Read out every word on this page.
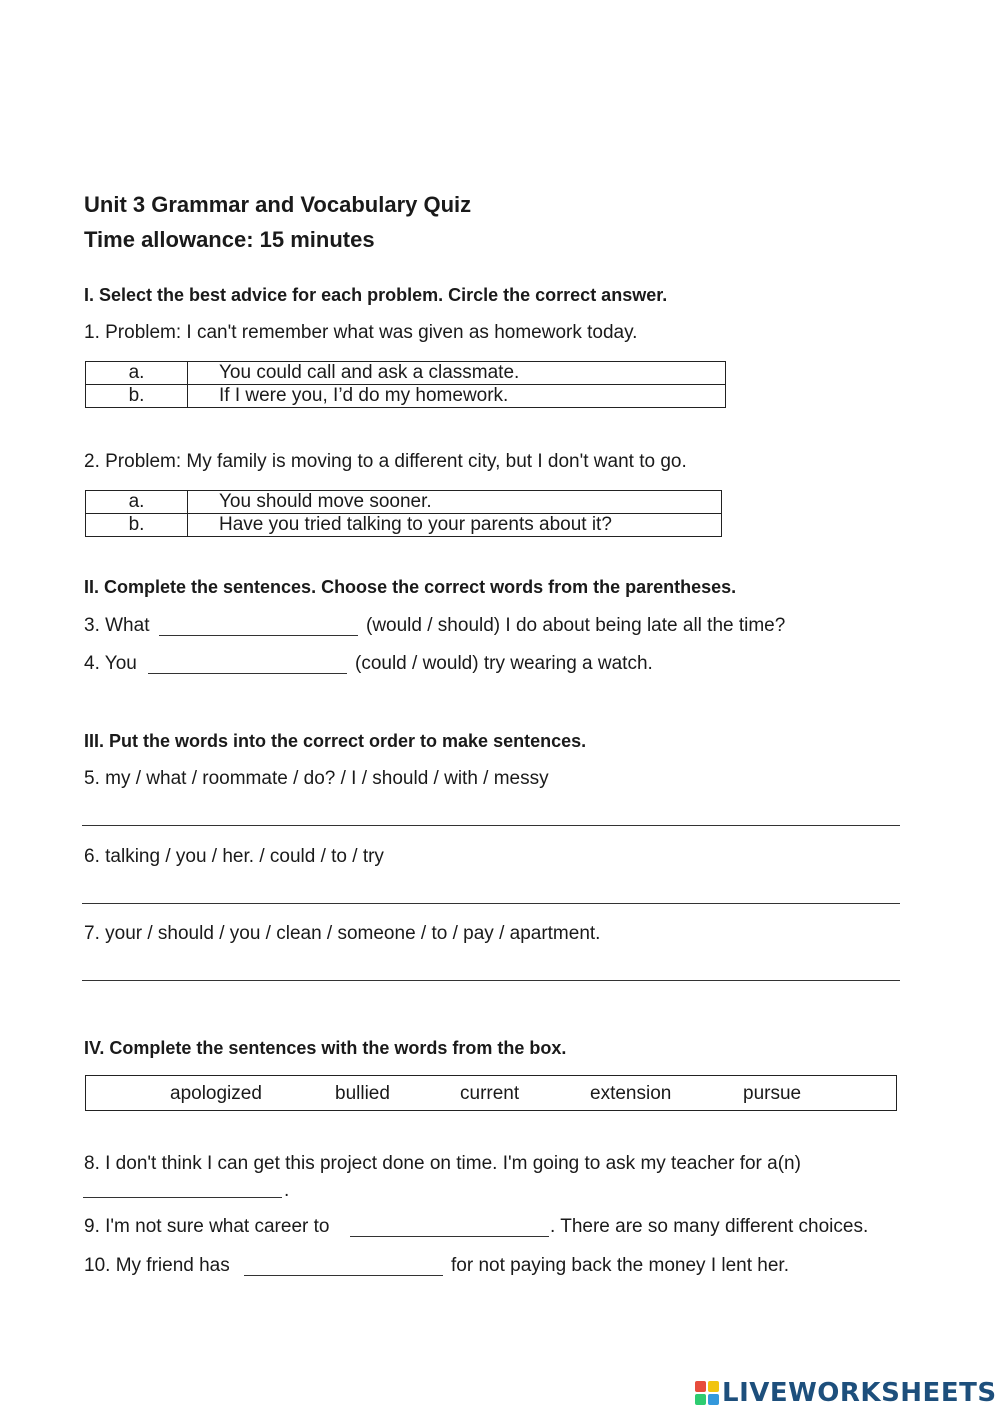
Unit 3 Grammar and Vocabulary Quiz
Time allowance: 15 minutes
I. Select the best advice for each problem. Circle the correct answer.
1. Problem: I can't remember what was given as homework today.
a.	You could call and ask a classmate.
b.	If I were you, I’d do my homework.
2. Problem: My family is moving to a different city, but I don't want to go.
a.	You should move sooner.
b.	Have you tried talking to your parents about it?
II. Complete the sentences. Choose the correct words from the parentheses.
3. What	(would / should) I do about being late all the time?
4. You	(could / would) try wearing a watch.
III. Put the words into the correct order to make sentences.
5. my / what / roommate / do? / I / should / with / messy
6. talking / you / her. / could / to / try
7. your / should / you / clean / someone / to / pay / apartment.
IV. Complete the sentences with the words from the box.
apologized	bullied	current	extension	pursue
8. I don't think I can get this project done on time. I'm going to ask my teacher for a(n)
.
9. I'm not sure what career to	. There are so many different choices.
10. My friend has	for not paying back the money I lent her.
LIVEWORKSHEETS
